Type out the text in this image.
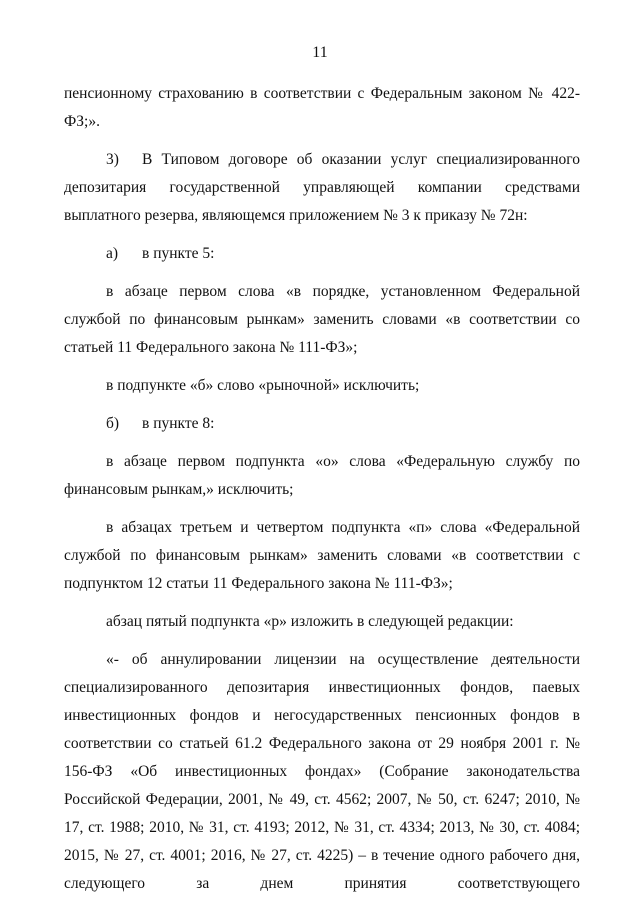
11

пенсионному страхованию в соответствии с Федеральным законом № 422-ФЗ;».

3) В Типовом договоре об оказании услуг специализированного депозитария государственной управляющей компании средствами выплатного резерва, являющемся приложением № 3 к приказу № 72н:

а) в пункте 5:

в абзаце первом слова «в порядке, установленном Федеральной службой по финансовым рынкам» заменить словами «в соответствии со статьей 11 Федерального закона № 111-ФЗ»;

в подпункте «б» слово «рыночной» исключить;

б) в пункте 8:

в абзаце первом подпункта «о» слова «Федеральную службу по финансовым рынкам,» исключить;

в абзацах третьем и четвертом подпункта «п» слова «Федеральной службой по финансовым рынкам» заменить словами «в соответствии с подпунктом 12 статьи 11 Федерального закона № 111-ФЗ»;

абзац пятый подпункта «р» изложить в следующей редакции:

«- об аннулировании лицензии на осуществление деятельности специализированного депозитария инвестиционных фондов, паевых инвестиционных фондов и негосударственных пенсионных фондов в соответствии со статьей 61.2 Федерального закона от 29 ноября 2001 г. № 156-ФЗ «Об инвестиционных фондах» (Собрание законодательства Российской Федерации, 2001, № 49, ст. 4562; 2007, № 50, ст. 6247; 2010, № 17, ст. 1988; 2010, № 31, ст. 4193; 2012, № 31, ст. 4334; 2013, № 30, ст. 4084; 2015, № 27, ст. 4001; 2016, № 27, ст. 4225) – в течение одного рабочего дня, следующего за днем принятия соответствующего
